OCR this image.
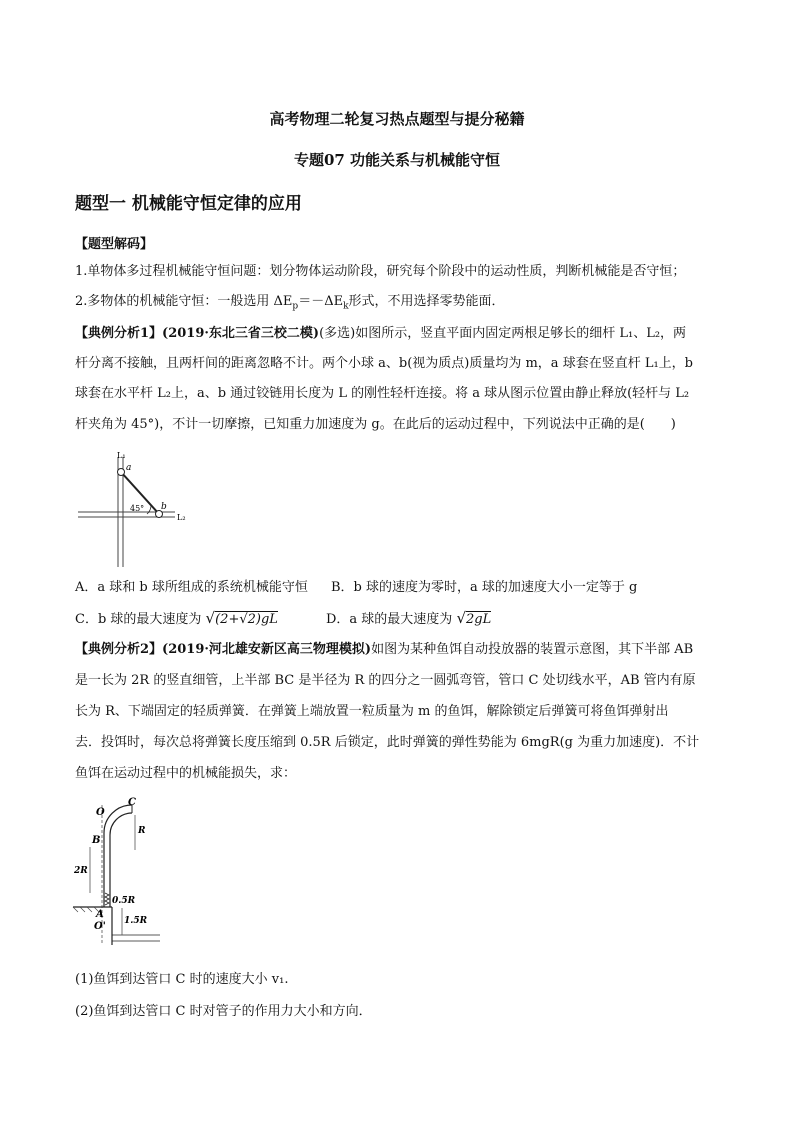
高考物理二轮复习热点题型与提分秘籍
专题07 功能关系与机械能守恒
题型一 机械能守恒定律的应用
【题型解码】
1.单物体多过程机械能守恒问题：划分物体运动阶段，研究每个阶段中的运动性质，判断机械能是否守恒；
2.多物体的机械能守恒：一般选用 $\Delta E_p=-\Delta E_k$形式，不用选择零势能面．
【典例分析1】(2019·东北三省三校二模)(多选)如图所示，竖直平面内固定两根足够长的细杆 L₁、L₂，两
杆分离不接触，且两杆间的距离忽略不计。两个小球 a、b(视为质点)质量均为 m，a 球套在竖直杆 L₁上，b
球套在水平杆 L₂上，a、b 通过铰链用长度为 L 的刚性轻杆连接。将 a 球从图示位置由静止释放(轻杆与 L₂
杆夹角为 45°)，不计一切摩擦，已知重力加速度为 g。在此后的运动过程中，下列说法中正确的是(　　)
L₁
L₂
a
b
45°
A．a 球和 b 球所组成的系统机械能守恒 B．b 球的速度为零时，a 球的加速度大小一定等于 g
C．b 球的最大速度为 √(2+√2)gL	D．a 球的最大速度为 √2gL
【典例分析2】(2019·河北雄安新区高三物理模拟)如图为某种鱼饵自动投放器的装置示意图，其下半部 AB
是一长为 2R 的竖直细管，上半部 BC 是半径为 R 的四分之一圆弧弯管，管口 C 处切线水平，AB 管内有原
长为 R、下端固定的轻质弹簧．在弹簧上端放置一粒质量为 m 的鱼饵，解除锁定后弹簧可将鱼饵弹射出
去．投饵时，每次总将弹簧长度压缩到 0.5R 后锁定，此时弹簧的弹性势能为 6mgR(g 为重力加速度)．不计
鱼饵在运动过程中的机械能损失，求：
O
C
B
R
2R
0.5R
A
1.5R
O'
(1)鱼饵到达管口 C 时的速度大小 v₁.
(2)鱼饵到达管口 C 时对管子的作用力大小和方向．
